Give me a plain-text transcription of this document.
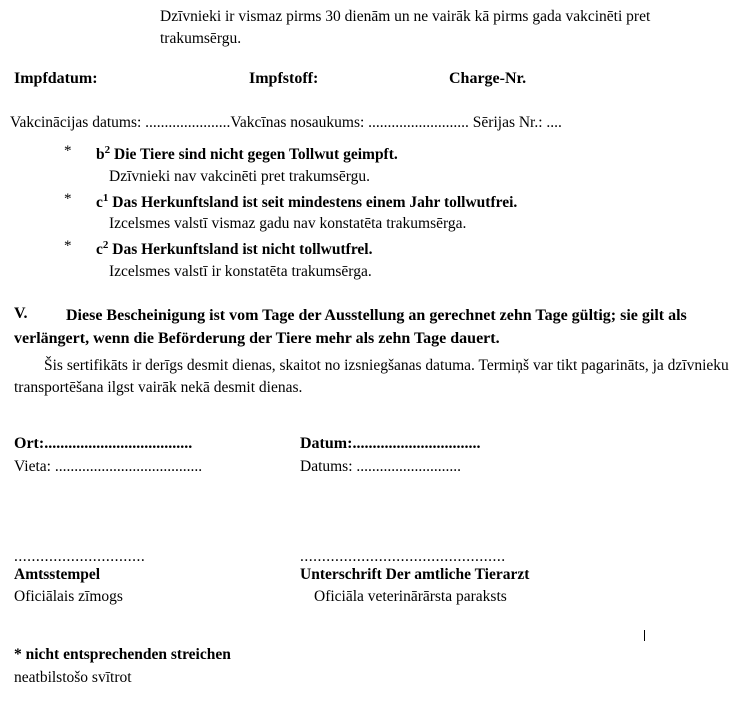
Dzīvnieki ir vismaz pirms 30 dienām un ne vairāk kā pirms gada vakcinēti pret trakumsērgu.
Impfdatum:	Impfstoff:	Charge-Nr.
Vakcinācijas datums: ......................Vakcīnas nosaukums: .......................... Sērijas Nr.: ....
* $b^2$ Die Tiere sind nicht gegen Tollwut geimpft.
Dzīvnieki nav vakcinēti pret trakumsērgu.
* $c^1$ Das Herkunftsland ist seit mindestens einem Jahr tollwutfrei.
Izcelsmes valstī vismaz gadu nav konstatēta trakumsērga.
* $c^2$ Das Herkunftsland ist nicht tollwutfrel.
Izcelsmes valstī ir konstatēta trakumsērga.
V.	Diese Bescheinigung ist vom Tage der Ausstellung an gerechnet zehn Tage gültig; sie gilt als verlängert, wenn die Beförderung der Tiere mehr als zehn Tage dauert.
Šis sertifikāts ir derīgs desmit dienas, skaitot no izsniegšanas datuma. Termiņš var tikt pagarināts, ja dzīvnieku transportēšana ilgst vairāk nekā desmit dienas.
Ort:.....................................	Datum:................................
Vieta: ......................................	Datums: ...........................
..............................	...............................................
Amtsstempel	Unterschrift Der amtliche Tierarzt
Oficiālais zīmogs	Oficiāla veterinārārsta paraksts
* nicht entsprechenden streichen
neatbilstošo svītrot
